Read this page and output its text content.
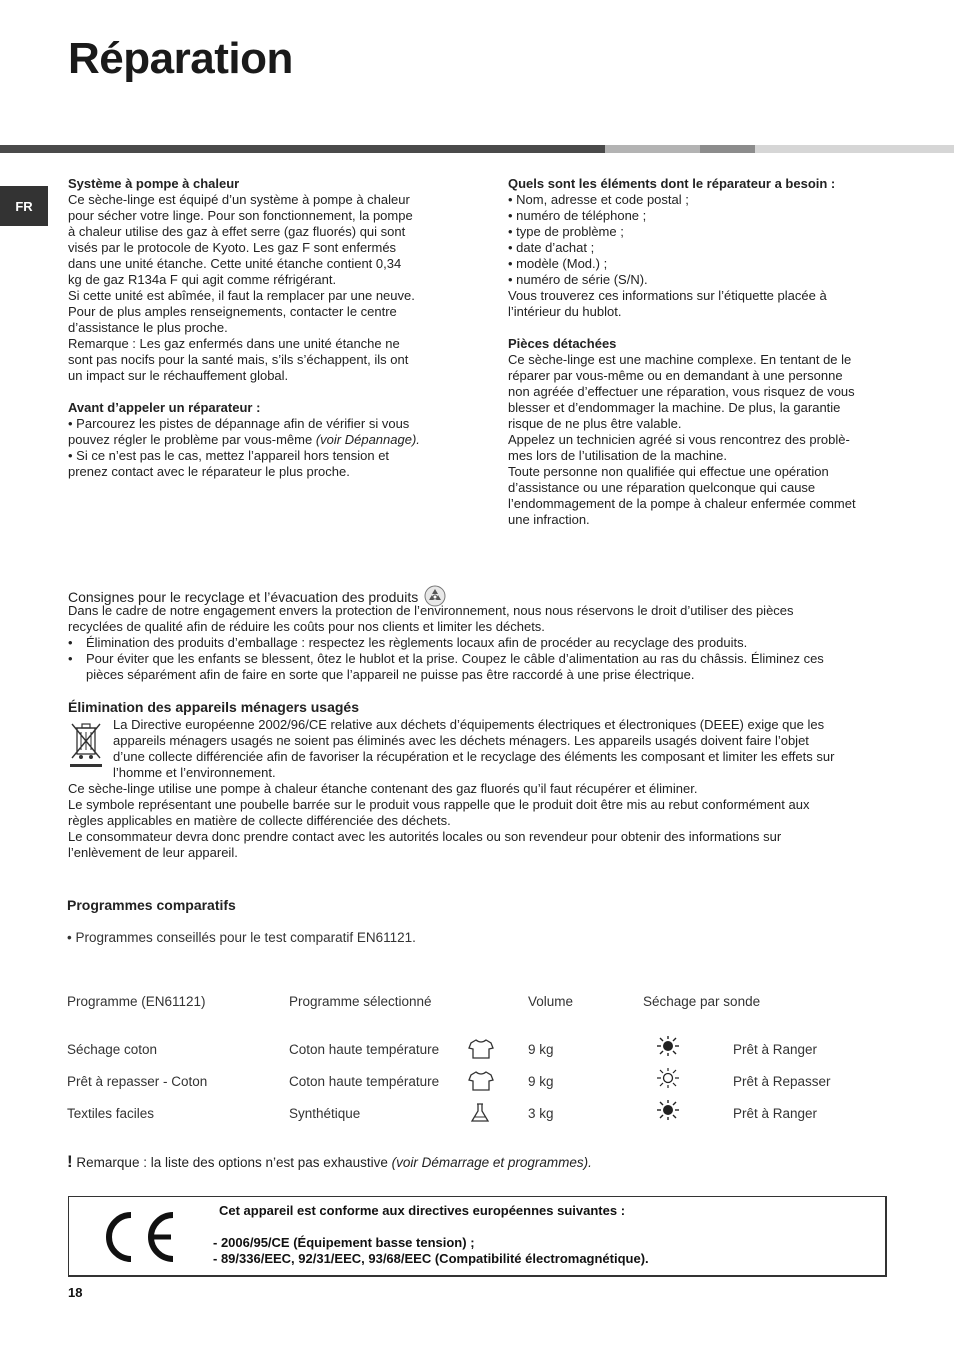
Réparation
FR

Système à pompe à chaleur

Ce sèche-linge est équipé d’un système à pompe à chaleur

pour sécher votre linge. Pour son fonctionnement, la pompe

à chaleur utilise des gaz à effet serre (gaz fluorés) qui sont

visés par le protocole de Kyoto. Les gaz F sont enfermés

dans une unité étanche. Cette unité étanche contient 0,34

kg de gaz R134a F qui agit comme réfrigérant.

Si cette unité est abîmée, il faut la remplacer par une neuve.

Pour de plus amples renseignements, contacter le centre

d’assistance le plus proche.

Remarque : Les gaz enfermés dans une unité étanche ne

sont pas nocifs pour la santé mais, s’ils s’échappent, ils ont

un impact sur le réchauffement global.

Avant d’appeler un réparateur :

• Parcourez les pistes de dépannage afin de vérifier si vous

pouvez régler le problème par vous-même (voir Dépannage).

• Si ce n’est pas le cas, mettez l’appareil hors tension et

prenez contact avec le réparateur le plus proche.

Quels sont les éléments dont le réparateur a besoin :

• Nom, adresse et code postal ;

• numéro de téléphone ;

• type de problème ;

• date d’achat ;

• modèle (Mod.) ;

• numéro de série (S/N).

Vous trouverez ces informations sur l’étiquette placée à

l’intérieur du hublot.

Pièces détachées

Ce sèche-linge est une machine complexe. En tentant de le

réparer par vous-même ou en demandant à une personne

non agréée d’effectuer une réparation, vous risquez de vous

blesser et d’endommager la machine. De plus, la garantie

risque de ne plus être valable.

Appelez un technicien agréé si vous rencontrez des problè-

mes lors de l’utilisation de la machine.

Toute personne non qualifiée qui effectue une opération

d’assistance ou une réparation quelconque qui cause

l’endommagement de la pompe à chaleur enfermée commet

une infraction.

Consignes pour le recyclage et l’évacuation des produits

Dans le cadre de notre engagement envers la protection de l’environnement, nous nous réservons le droit d’utiliser des pièces

recyclées de qualité afin de réduire les coûts pour nos clients et limiter les déchets.

• Élimination des produits d’emballage : respectez les règlements locaux afin de procéder au recyclage des produits.

• Pour éviter que les enfants se blessent, ôtez le hublot et la prise. Coupez le câble d’alimentation au ras du châssis. Éliminez ces

pièces séparément afin de faire en sorte que l’appareil ne puisse pas être raccordé à une prise électrique.

Élimination des appareils ménagers usagés

La Directive européenne 2002/96/CE relative aux déchets d’équipements électriques et électroniques (DEEE) exige que les

appareils ménagers usagés ne soient pas éliminés avec les déchets ménagers. Les appareils usagés doivent faire l’objet

d’une collecte différenciée afin de favoriser la récupération et le recyclage des éléments les composant et limiter les effets sur

l’homme et l’environnement.

Ce sèche-linge utilise une pompe à chaleur étanche contenant des gaz fluorés qu’il faut récupérer et éliminer.

Le symbole représentant une poubelle barrée sur le produit vous rappelle que le produit doit être mis au rebut conformément aux

règles applicables en matière de collecte différenciée des déchets.

Le consommateur devra donc prendre contact avec les autorités locales ou son revendeur pour obtenir des informations sur

l’enlèvement de leur appareil.

Programmes comparatifs
• Programmes conseillés pour le test comparatif EN61121.
Programme (EN61121)	Programme sélectionné	Volume	Séchage par sonde
Séchage coton	Coton haute température	9 kg	Prêt à Ranger
Prêt à repasser - Coton	Coton haute température	9 kg	Prêt à Repasser
Textiles faciles	Synthétique	3 kg	Prêt à Ranger
! Remarque : la liste des options n’est pas exhaustive (voir Démarrage et programmes).
Cet appareil est conforme aux directives européennes suivantes :
- 2006/95/CE (Équipement basse tension) ;
- 89/336/EEC, 92/31/EEC, 93/68/EEC (Compatibilité électromagnétique).
18
